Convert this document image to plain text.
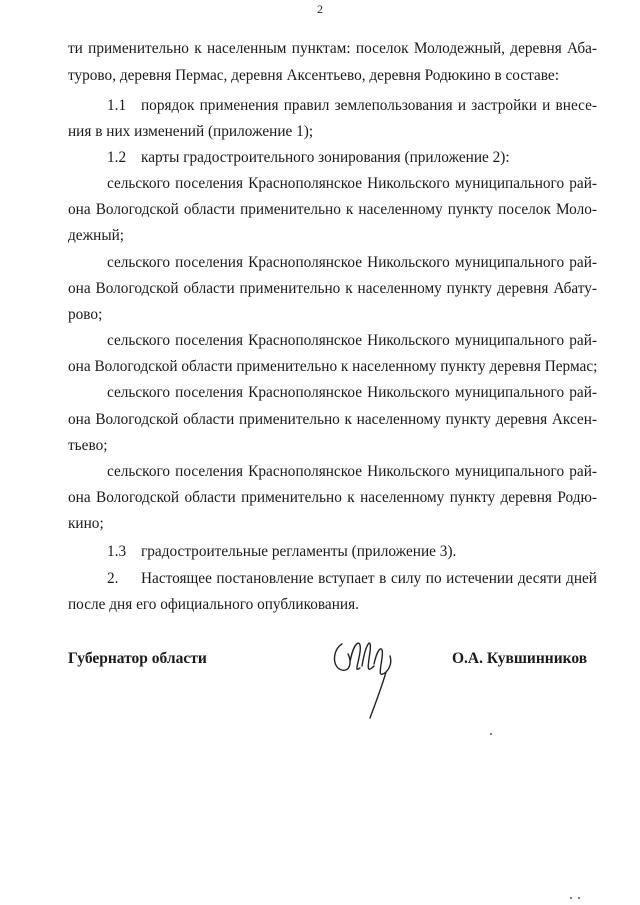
2
ти применительно к населенным пунктам: поселок Молодежный, деревня Аба-
турово, деревня Пермас, деревня Аксентьево, деревня Родюкино в составе:
1.1 порядок применения правил землепользования и застройки и внесе-
ния в них изменений (приложение 1);
1.2 карты градостроительного зонирования (приложение 2):
сельского поселения Краснополянское Никольского муниципального рай-
она Вологодской области применительно к населенному пункту поселок Моло-
дежный;
сельского поселения Краснополянское Никольского муниципального рай-
она Вологодской области применительно к населенному пункту деревня Абату-
рово;
сельского поселения Краснополянское Никольского муниципального рай-
она Вологодской области применительно к населенному пункту деревня Пермас;
сельского поселения Краснополянское Никольского муниципального рай-
она Вологодской области применительно к населенному пункту деревня Аксен-
тьево;
сельского поселения Краснополянское Никольского муниципального рай-
она Вологодской области применительно к населенному пункту деревня Родю-
кино;
1.3 градостроительные регламенты (приложение 3).
2. Настоящее постановление вступает в силу по истечении десяти дней
после дня его официального опубликования.
Губернатор области	О.А. Кувшинников
